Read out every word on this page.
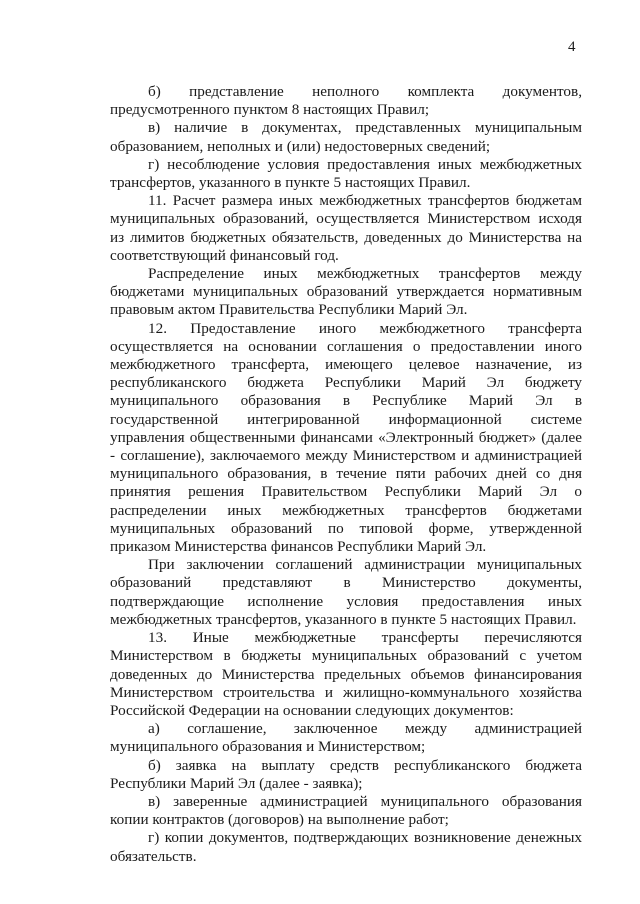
4

б) представление неполного комплекта документов, предусмотренного пунктом 8 настоящих Правил;

в) наличие в документах, представленных муниципальным образованием, неполных и (или) недостоверных сведений;

г) несоблюдение условия предоставления иных межбюджетных трансфертов, указанного в пункте 5 настоящих Правил.

11. Расчет размера иных межбюджетных трансфертов бюджетам муниципальных образований, осуществляется Министерством исходя из лимитов бюджетных обязательств, доведенных до Министерства на соответствующий финансовый год.

Распределение иных межбюджетных трансфертов между бюджетами муниципальных образований утверждается нормативным правовым актом Правительства Республики Марий Эл.

12. Предоставление иного межбюджетного трансферта осуществляется на основании соглашения о предоставлении иного межбюджетного трансферта, имеющего целевое назначение, из республиканского бюджета Республики Марий Эл бюджету муниципального образования в Республике Марий Эл в государственной интегрированной информационной системе управления общественными финансами «Электронный бюджет» (далее - соглашение), заключаемого между Министерством и администрацией муниципального образования, в течение пяти рабочих дней со дня принятия решения Правительством Республики Марий Эл о распределении иных межбюджетных трансфертов бюджетами муниципальных образований по типовой форме, утвержденной приказом Министерства финансов Республики Марий Эл.

При заключении соглашений администрации муниципальных образований представляют в Министерство документы, подтверждающие исполнение условия предоставления иных межбюджетных трансфертов, указанного в пункте 5 настоящих Правил.

13. Иные межбюджетные трансферты перечисляются Министерством в бюджеты муниципальных образований с учетом доведенных до Министерства предельных объемов финансирования Министерством строительства и жилищно-коммунального хозяйства Российской Федерации на основании следующих документов:

а) соглашение, заключенное между администрацией муниципального образования и Министерством;

б) заявка на выплату средств республиканского бюджета Республики Марий Эл (далее - заявка);

в) заверенные администрацией муниципального образования копии контрактов (договоров) на выполнение работ;

г) копии документов, подтверждающих возникновение денежных обязательств.
